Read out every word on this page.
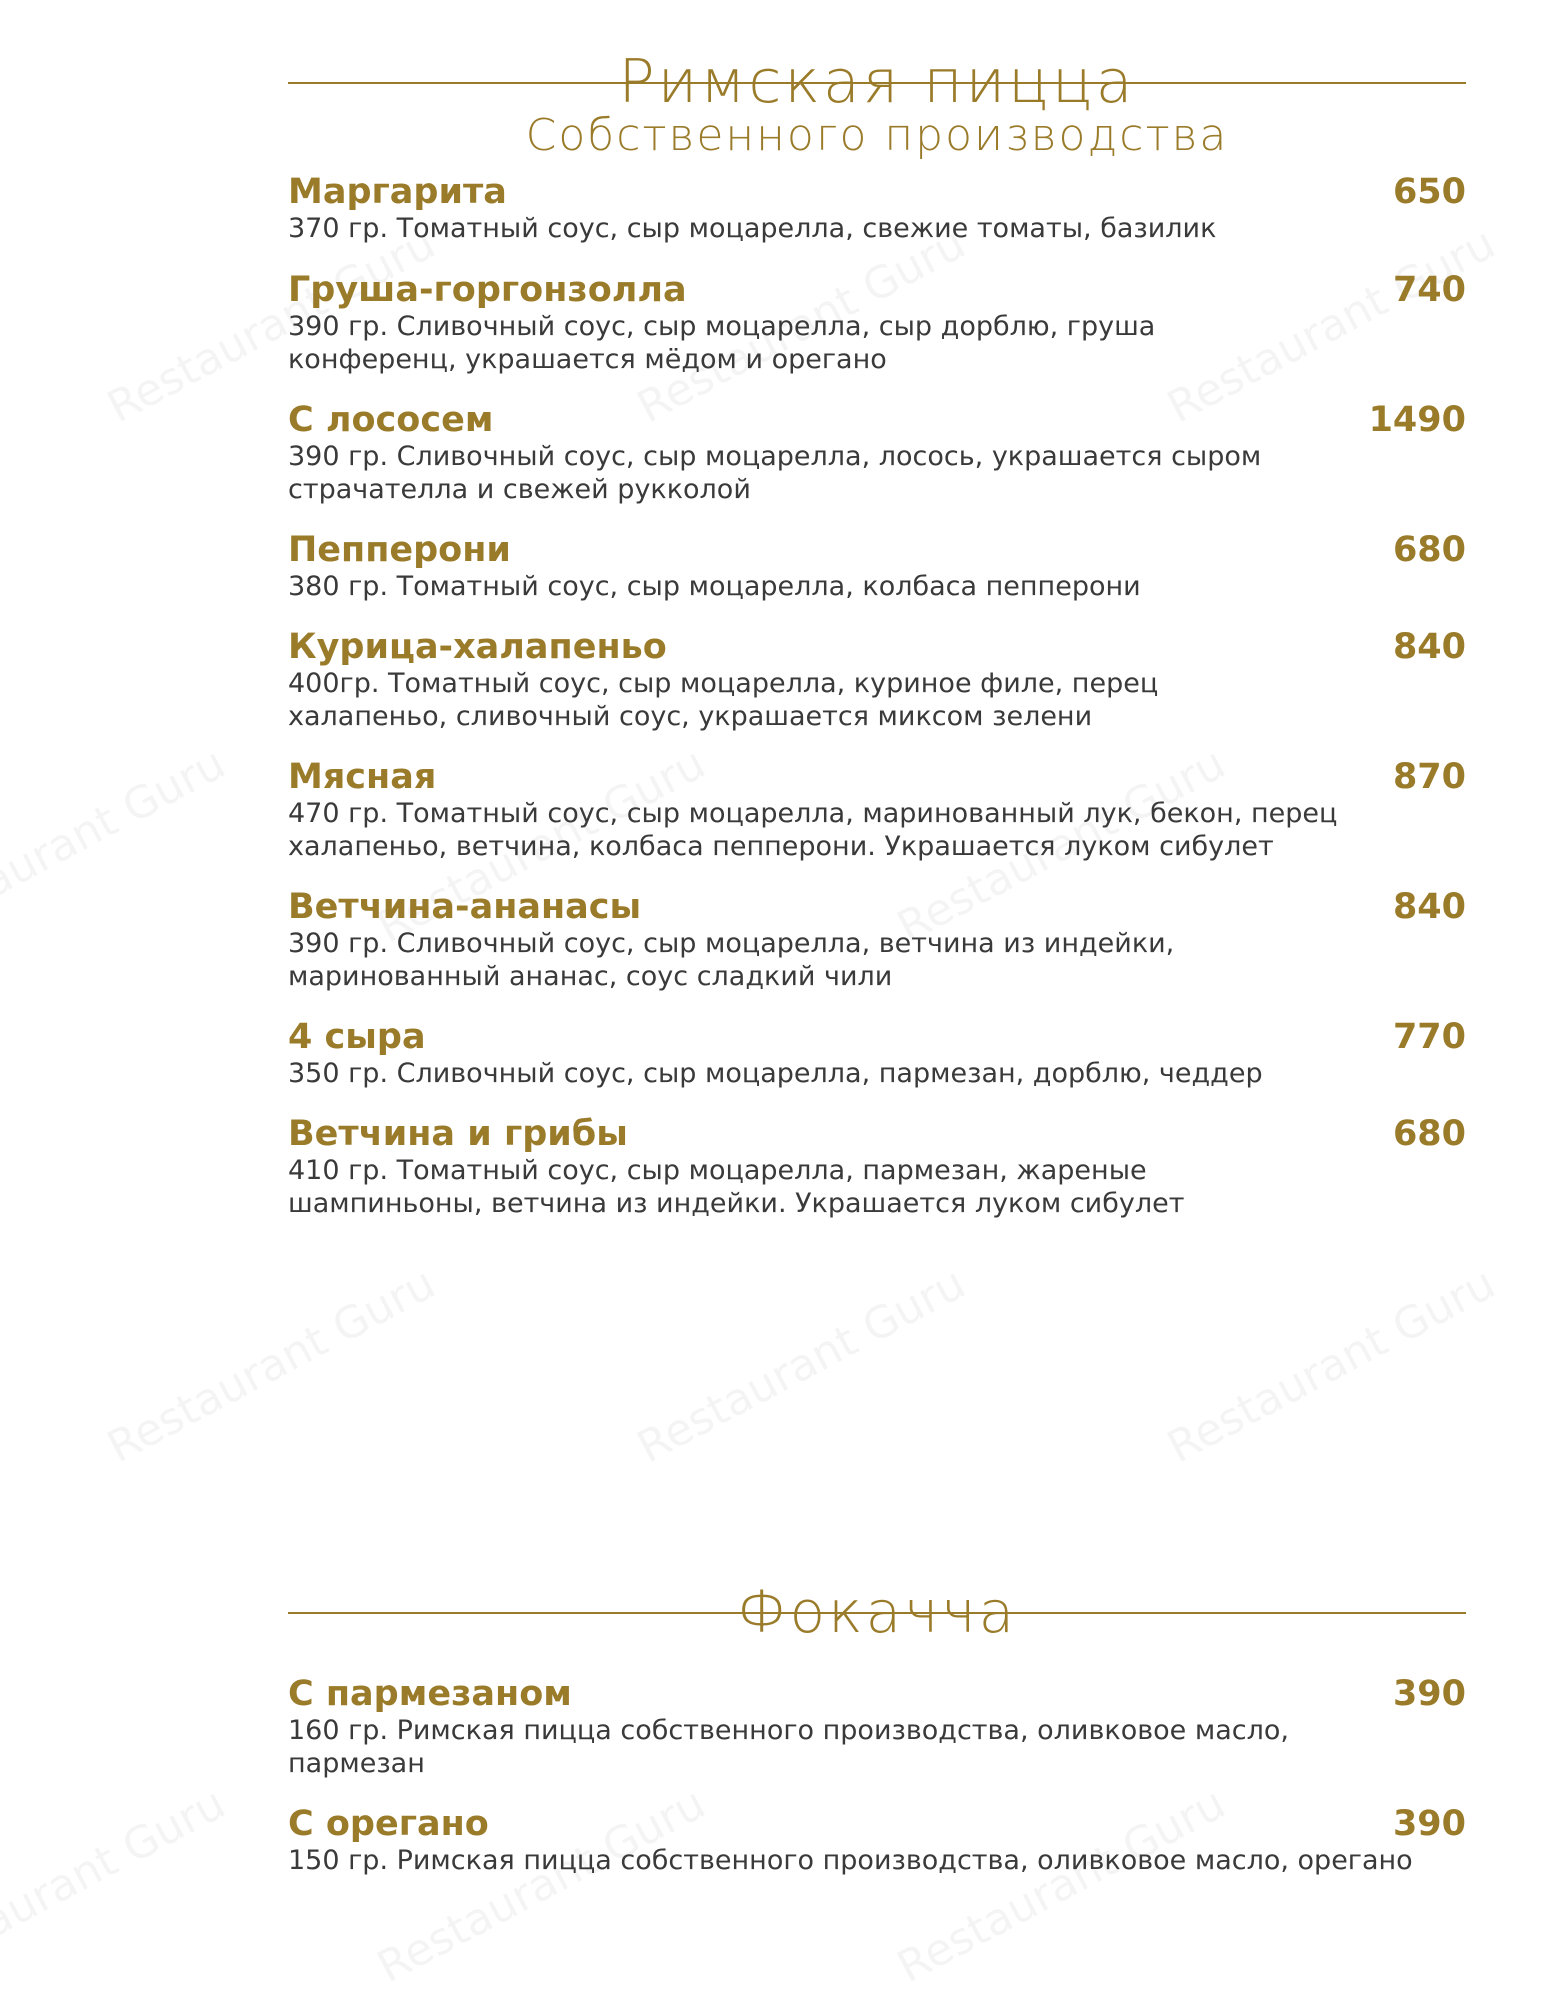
Римская пицца
Собственного производства
Маргарита	650
370 гр. Томатный соус, сыр моцарелла, свежие томаты, базилик
Груша-горгонзолла	740
390 гр. Сливочный соус, сыр моцарелла, сыр дорблю, груша конференц, украшается мёдом и орегано
С лососем	1490
390 гр. Сливочный соус, сыр моцарелла, лосось, украшается сыром страчателла и свежей рукколой
Пепперони	680
380 гр. Томатный соус, сыр моцарелла, колбаса пепперони
Курица-халапеньо	840
400гр. Томатный соус, сыр моцарелла, куриное филе, перец халапеньо, сливочный соус, украшается миксом зелени
Мясная	870
470 гр. Томатный соус, сыр моцарелла, маринованный лук, бекон, перец халапеньо, ветчина, колбаса пепперони. Украшается луком сибулет
Ветчина-ананасы	840
390 гр. Сливочный соус, сыр моцарелла, ветчина из индейки, маринованный ананас, соус сладкий чили
4 сыра	770
350 гр. Сливочный соус, сыр моцарелла, пармезан, дорблю, чеддер
Ветчина и грибы	680
410 гр. Томатный соус, сыр моцарелла, пармезан, жареные шампиньоны, ветчина из индейки. Украшается луком сибулет
Фокачча
С пармезаном	390
160 гр. Римская пицца собственного производства, оливковое масло, пармезан
С орегано	390
150 гр. Римская пицца собственного производства, оливковое масло, орегано
